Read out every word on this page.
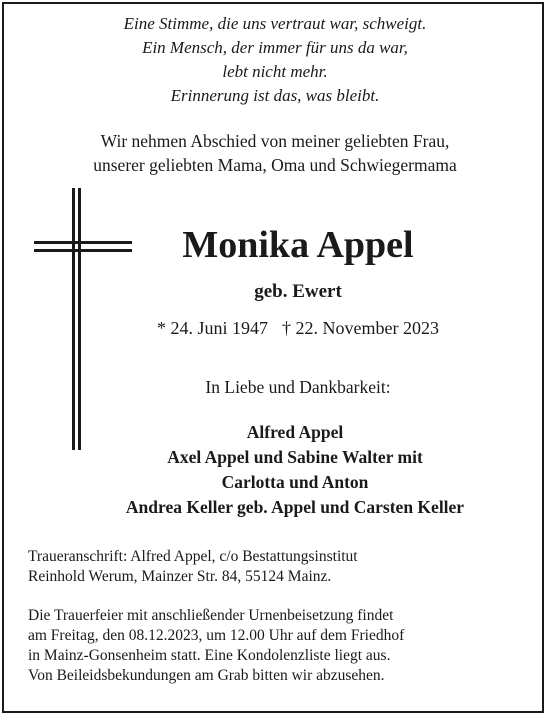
Eine Stimme, die uns vertraut war, schweigt.
Ein Mensch, der immer für uns da war,
lebt nicht mehr.
Erinnerung ist das, was bleibt.
Wir nehmen Abschied von meiner geliebten Frau,
unserer geliebten Mama, Oma und Schwiegermama
Monika Appel
geb. Ewert
* 24. Juni 1947 † 22. November 2023
In Liebe und Dankbarkeit:
Alfred Appel
Axel Appel und Sabine Walter mit
Carlotta und Anton
Andrea Keller geb. Appel und Carsten Keller
Traueranschrift: Alfred Appel, c/o Bestattungsinstitut
Reinhold Werum, Mainzer Str. 84, 55124 Mainz.
Die Trauerfeier mit anschließender Urnenbeisetzung findet
am Freitag, den 08.12.2023, um 12.00 Uhr auf dem Friedhof
in Mainz-Gonsenheim statt. Eine Kondolenzliste liegt aus.
Von Beileidsbekundungen am Grab bitten wir abzusehen.
